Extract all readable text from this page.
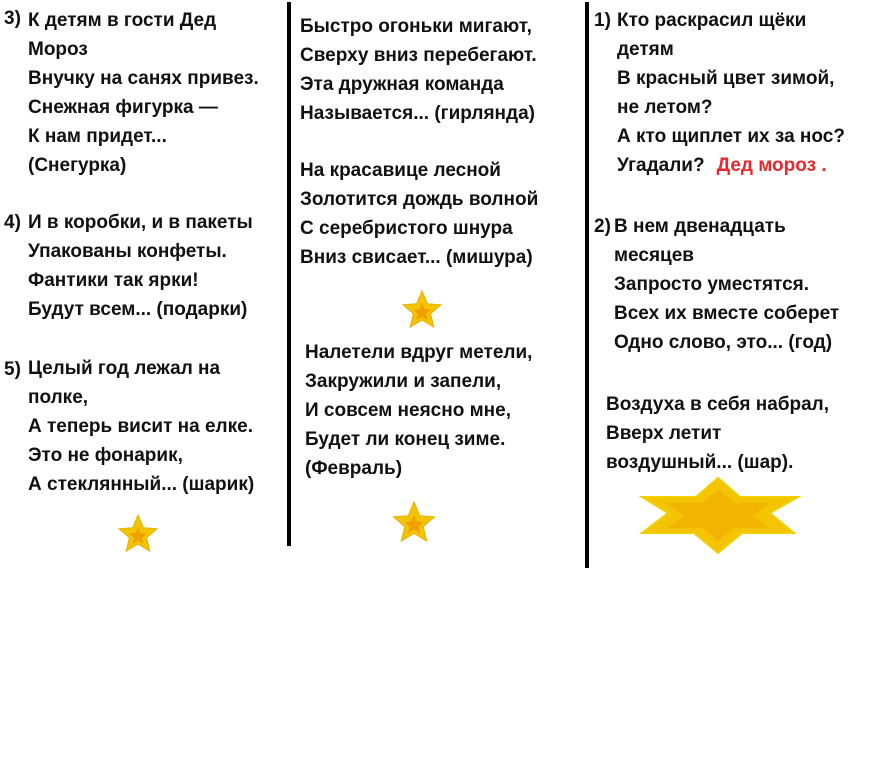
3) К детям в гости Дед
Мороз
Внучку на санях привез.
Снежная фигурка —
К нам придет...
(Снегурка)
4) И в коробки, и в пакеты
Упакованы конфеты.
Фантики так ярки!
Будут всем... (подарки)
5) Целый год лежал на
полке,
А теперь висит на елке.
Это не фонарик,
А стеклянный... (шарик)
Быстро огоньки мигают,
Сверху вниз перебегают.
Эта дружная команда
Называется... (гирлянда)
На красавице лесной
Золотится дождь волной
С серебристого шнура
Вниз свисает... (мишура)
Налетели вдруг метели,
Закружили и запели,
И совсем неясно мне,
Будет ли конец зиме.
(Февраль)
1) Кто раскрасил щёки
детям
В красный цвет зимой,
не летом?
А кто щиплет их за нос?
Угадали? Дед мороз .
2) В нем двенадцать
месяцев
Запросто уместятся.
Всех их вместе соберет
Одно слово, это... (год)
Воздуха в себя набрал,
Вверх летит
воздушный... (шар).
